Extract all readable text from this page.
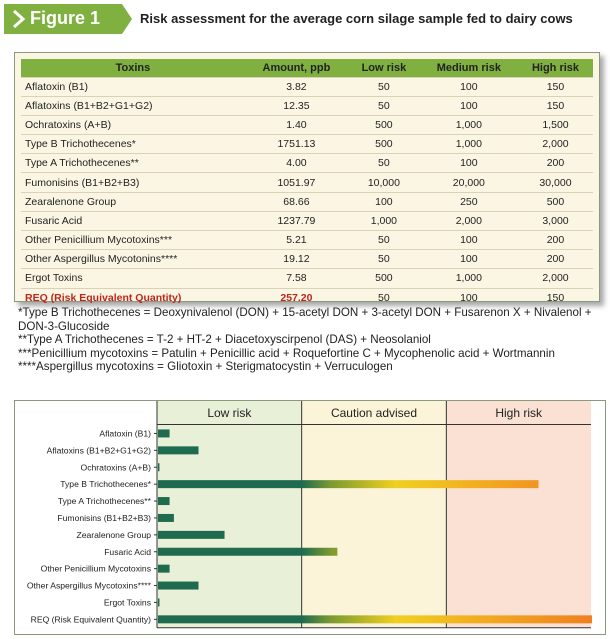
Figure 1	Risk assessment for the average corn silage sample fed to dairy cows
Toxins	Amount, ppb	Low risk	Medium risk	High risk
Aflatoxin (B1)	3.82	50	100	150
Aflatoxins (B1+B2+G1+G2)	12.35	50	100	150
Ochratoxins (A+B)	1.40	500	1,000	1,500
Type B Trichothecenes*	1751.13	500	1,000	2,000
Type A Trichothecenes**	4.00	50	100	200
Fumonisins (B1+B2+B3)	1051.97	10,000	20,000	30,000
Zearalenone Group	68.66	100	250	500
Fusaric Acid	1237.79	1,000	2,000	3,000
Other Penicillium Mycotoxins***	5.21	50	100	200
Other Aspergillus Mycotonins****	19.12	50	100	200
Ergot Toxins	7.58	500	1,000	2,000
REQ (Risk Equivalent Quantity)	257.20	50	100	150

*Type B Trichothecenes = Deoxynivalenol (DON) + 15-acetyl DON + 3-acetyl DON + Fusarenon X + Nivalenol + DON-3-Glucoside

**Type A Trichothecenes = T-2 + HT-2 + Diacetoxyscirpenol (DAS) + Neosolaniol

***Penicillium mycotoxins = Patulin + Penicillic acid + Roquefortine C + Mycophenolic acid + Wortmannin

****Aspergillus mycotoxins = Gliotoxin + Sterigmatocystin + Verruculogen

Low risk	Caution advised	High risk
Aflatoxin (B1)
Aflatoxins (B1+B2+G1+G2)
Ochratoxins (A+B)
Type B Trichothecenes*
Type A Trichothecenes**
Fumonisins (B1+B2+B3)
Zearalenone Group
Fusaric Acid
Other Penicillium Mycotoxins
Other Aspergillus Mycotoxins****
Ergot Toxins
REQ (Risk Equivalent Quantity)
